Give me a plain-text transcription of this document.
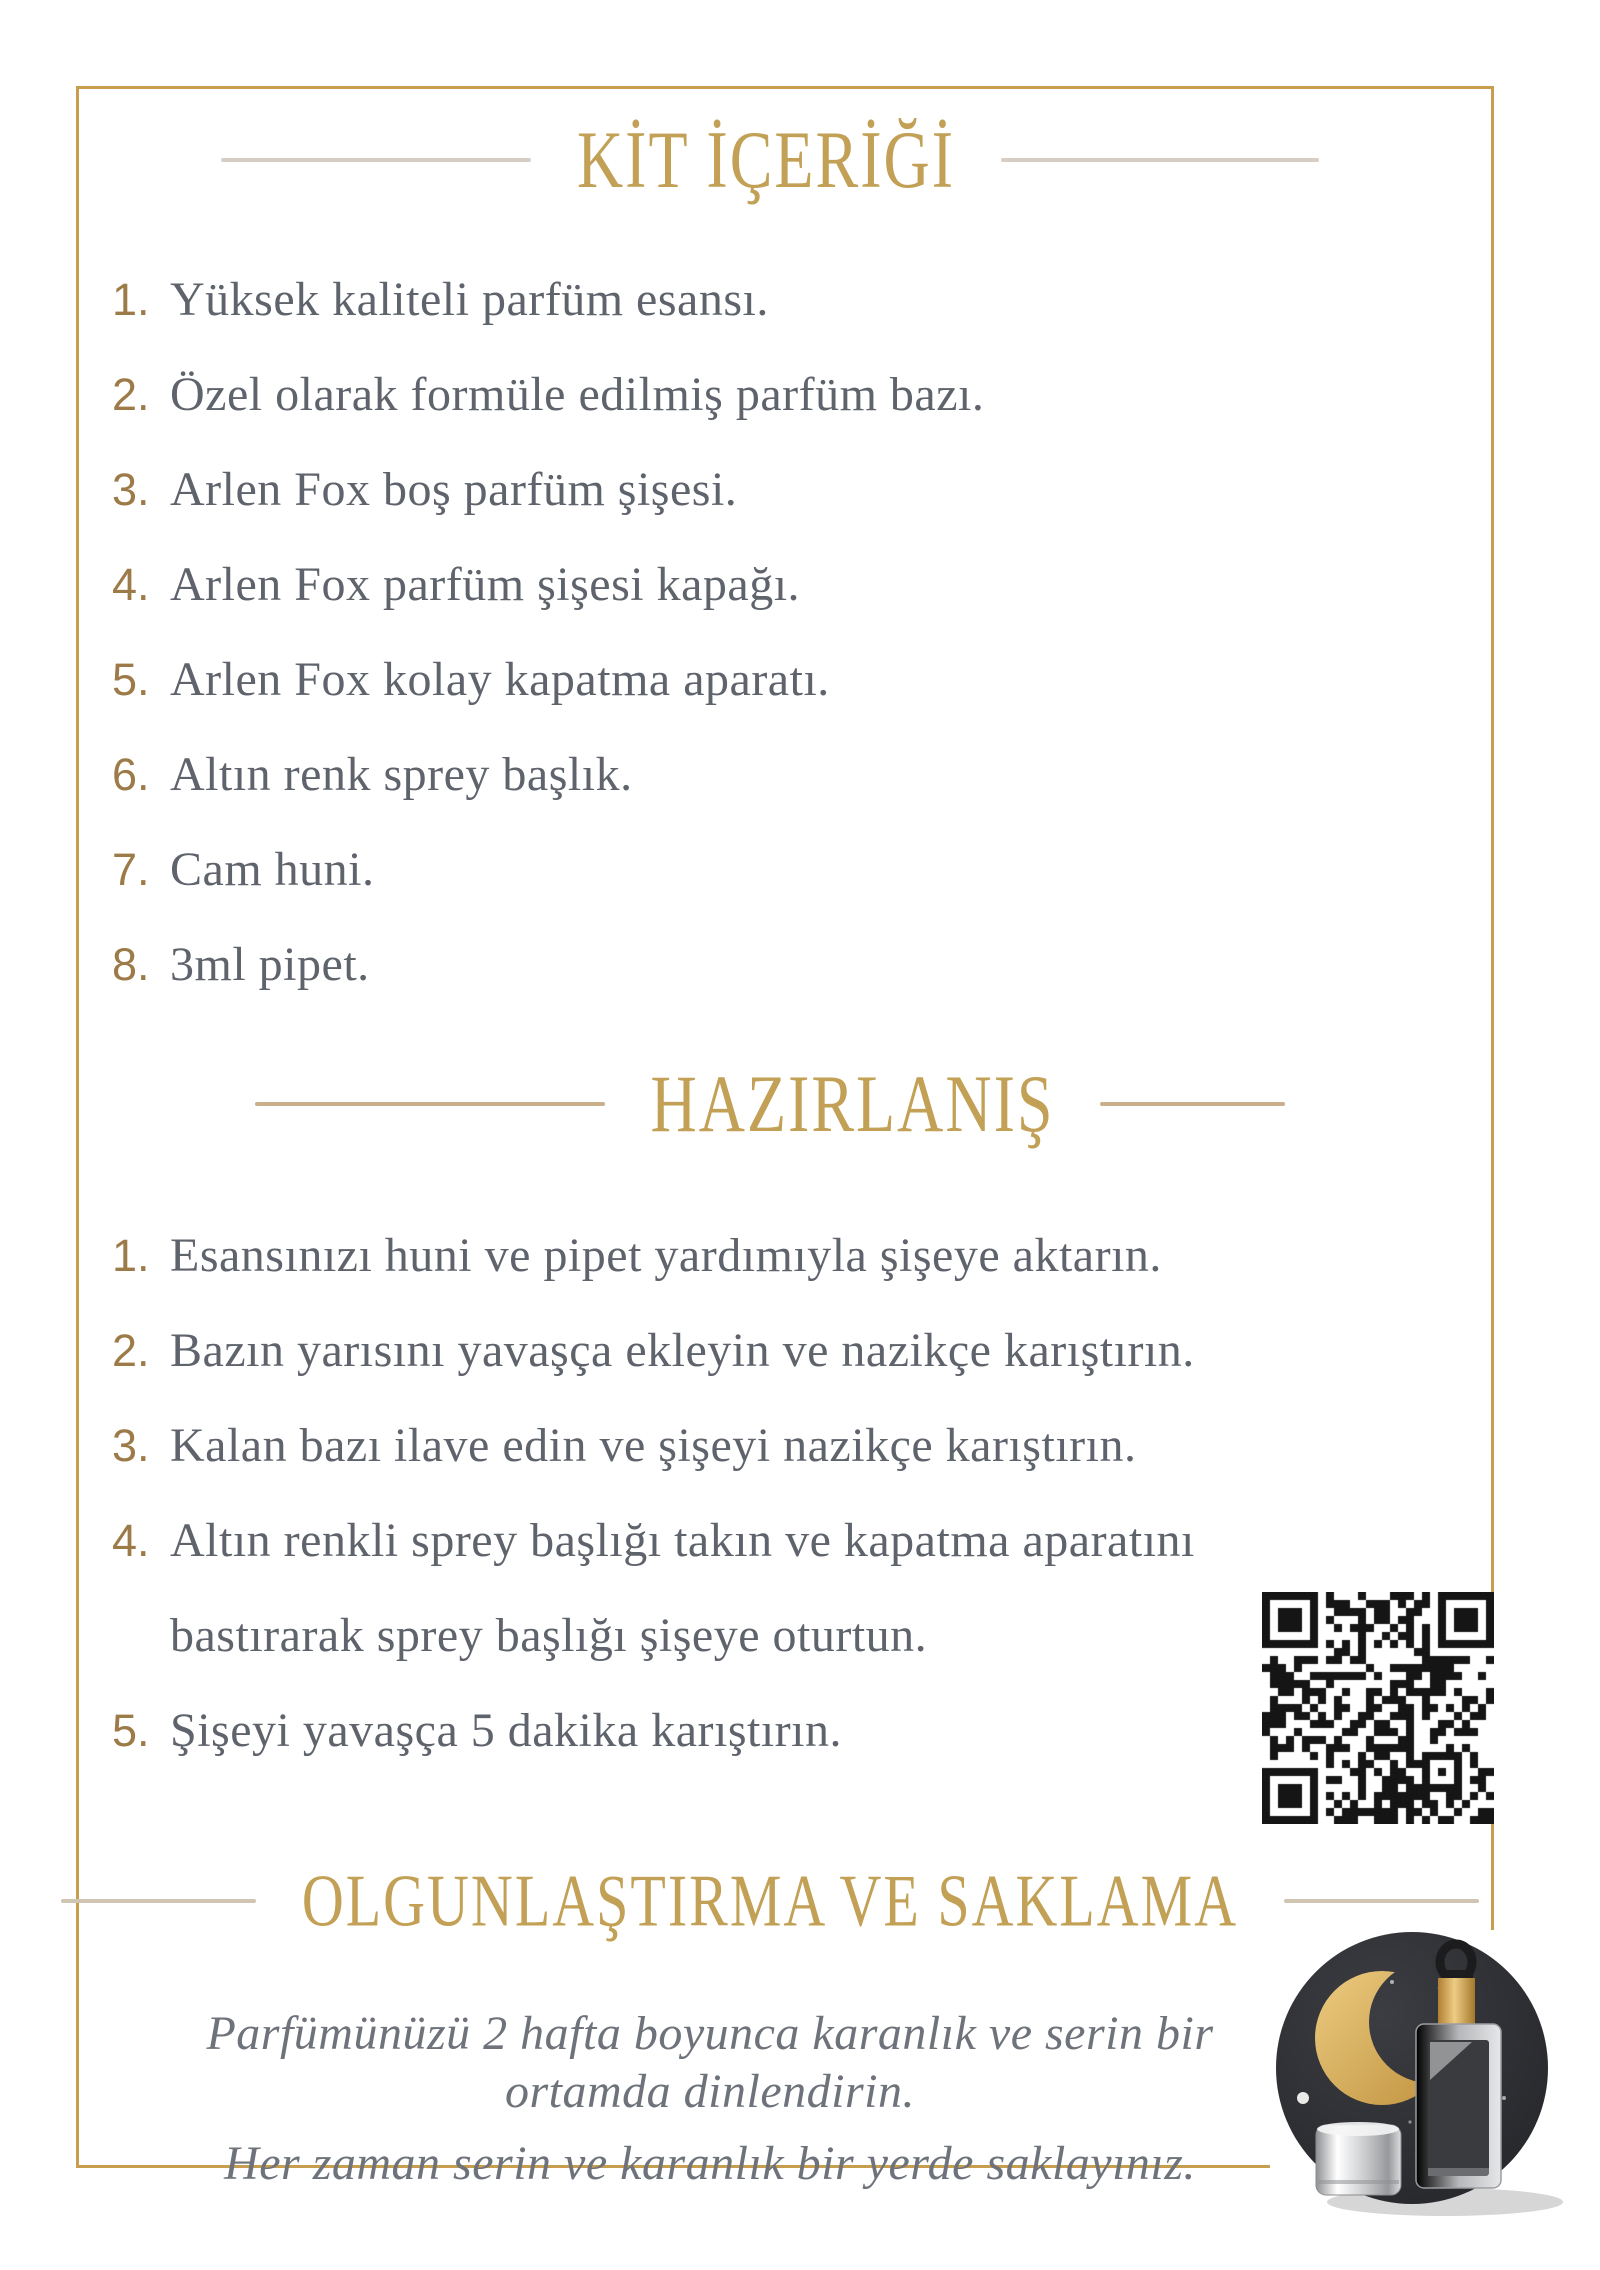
KİT İÇERİĞİ
1. Yüksek kaliteli parfüm esansı.
2. Özel olarak formüle edilmiş parfüm bazı.
3. Arlen Fox boş parfüm şişesi.
4. Arlen Fox parfüm şişesi kapağı.
5. Arlen Fox kolay kapatma aparatı.
6. Altın renk sprey başlık.
7. Cam huni.
8. 3ml pipet.
HAZIRLANIŞ
1. Esansınızı huni ve pipet yardımıyla şişeye aktarın.
2. Bazın yarısını yavaşça ekleyin ve nazikçe karıştırın.
3. Kalan bazı ilave edin ve şişeyi nazikçe karıştırın.
4. Altın renkli sprey başlığı takın ve kapatma aparatını bastırarak sprey başlığı şişeye oturtun.
5. Şişeyi yavaşça 5 dakika karıştırın.
OLGUNLAŞTIRMA VE SAKLAMA

Parfümünüzü 2 hafta boyunca karanlık ve serin bir ortamda dinlendirin.

Her zaman serin ve karanlık bir yerde saklayınız.
